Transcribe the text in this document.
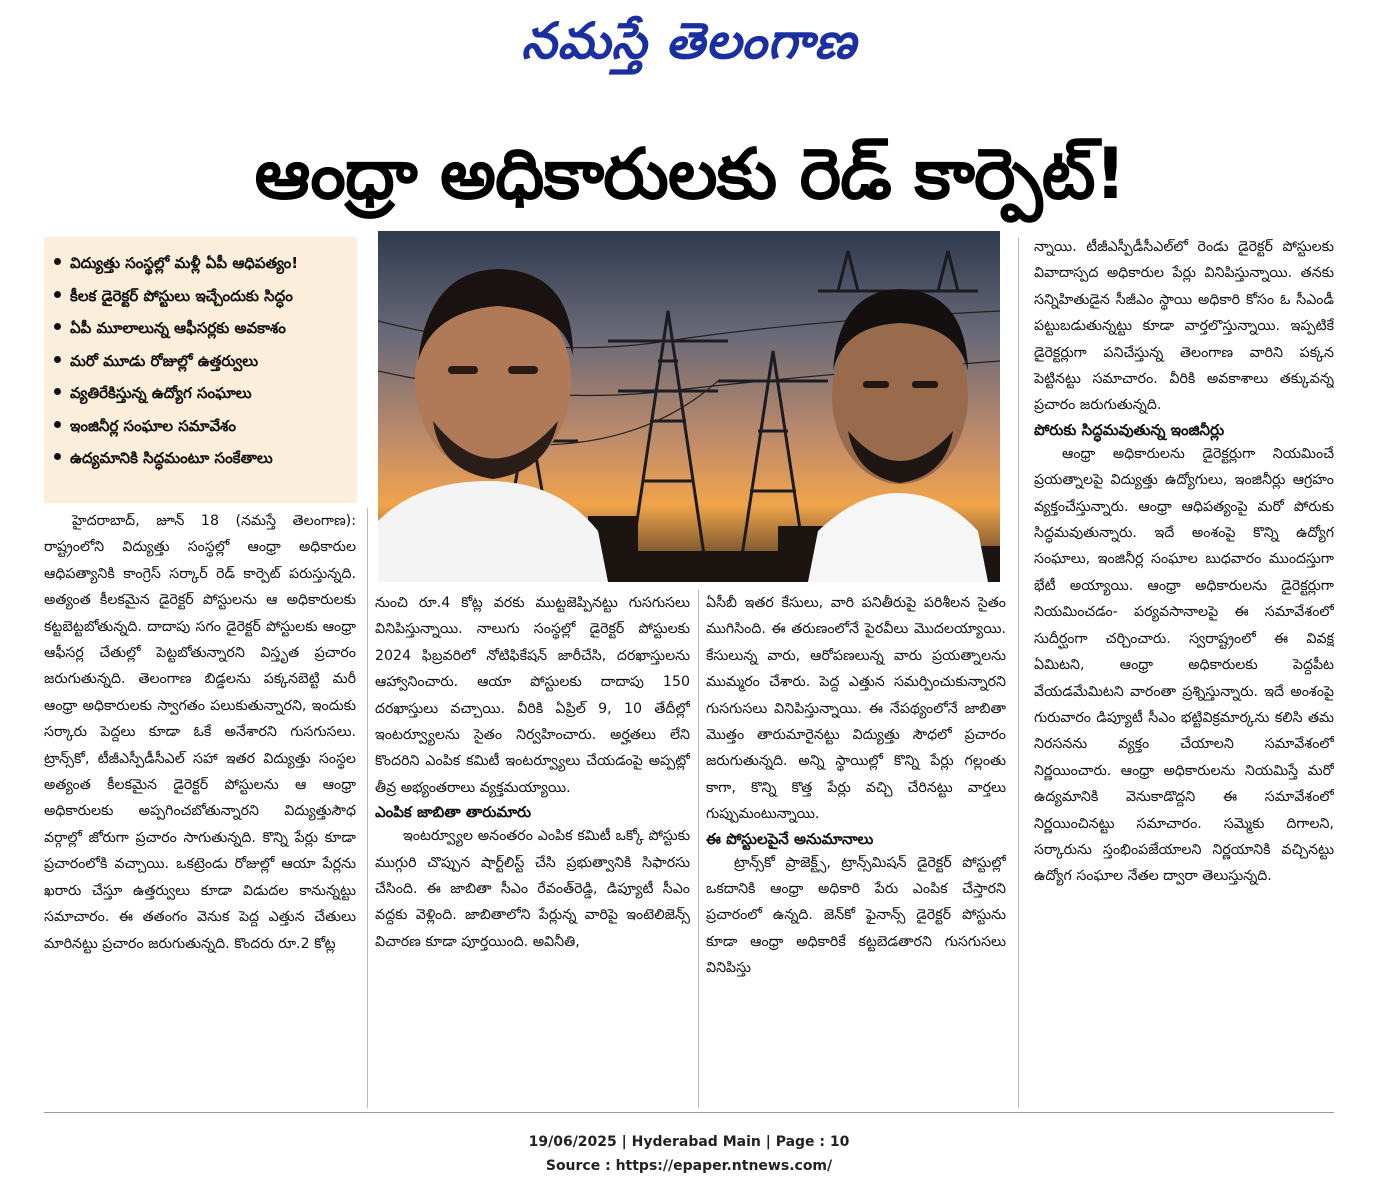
నమస్తే తెలంగాణ
ఆంధ్రా అధికారులకు రెడ్ కార్పెట్!
విద్యుత్తు సంస్థల్లో మళ్లీ ఏపీ ఆధిపత్యం!
కీలక డైరెక్టర్ పోస్టులు ఇచ్చేందుకు సిద్ధం
ఏపీ మూలాలున్న ఆఫీసర్లకు అవకాశం
మరో మూడు రోజుల్లో ఉత్తర్వులు
వ్యతిరేకిస్తున్న ఉద్యోగ సంఘాలు
ఇంజినీర్ల సంఘాల సమావేశం
ఉద్యమానికి సిద్ధమంటూ సంకేతాలు

హైదరాబాద్, జూన్ 18 (నమస్తే తెలంగాణ): రాష్ట్రంలోని విద్యుత్తు సంస్థల్లో ఆంధ్రా అధికారుల ఆధిపత్యానికి కాంగ్రెస్ సర్కార్ రెడ్ కార్పెట్ పరుస్తున్నది. అత్యంత కీలకమైన డైరెక్టర్ పోస్టులను ఆ అధికారులకు కట్టబెట్టబోతున్నది. దాదాపు సగం డైరెక్టర్ పోస్టులకు ఆంధ్రా ఆఫీసర్ల చేతుల్లో పెట్టబోతున్నారని విస్తృత ప్రచారం జరుగుతున్నది. తెలంగాణ బిడ్డలను పక్కనబెట్టి మరీ ఆంధ్రా అధికారులకు స్వాగతం పలుకుతున్నారని, ఇందుకు సర్కారు పెద్దలు కూడా ఓకే అనేశారని గుసగుసలు. ట్రాన్స్‌కో, టీజీఎస్పీడీసీఎల్ సహా ఇతర విద్యుత్తు సంస్థల అత్యంత కీలకమైన డైరెక్టర్ పోస్టులను ఆ ఆంధ్రా అధికారులకు అప్పగించబోతున్నారని విద్యుత్తుసౌధ వర్గాల్లో జోరుగా ప్రచారం సాగుతున్నది. కొన్ని పేర్లు కూడా ప్రచారంలోకి వచ్చాయి. ఒకట్రెండు రోజుల్లో ఆయా పేర్లను ఖరారు చేస్తూ ఉత్తర్వులు కూడా విడుదల కానున్నట్టు సమాచారం. ఈ తతంగం వెనుక పెద్ద ఎత్తున చేతులు మారినట్టు ప్రచారం జరుగుతున్నది. కొందరు రూ.2 కోట్ల

నుంచి రూ.4 కోట్ల వరకు ముట్టజెప్పినట్టు గుసగుసలు వినిపిస్తున్నాయి. నాలుగు సంస్థల్లో డైరెక్టర్ పోస్టులకు 2024 ఫిబ్రవరిలో నోటిఫికేషన్ జారీచేసి, దరఖాస్తులను ఆహ్వానించారు. ఆయా పోస్టులకు దాదాపు 150 దరఖాస్తులు వచ్చాయి. వీరికి ఏప్రిల్ 9, 10 తేదీల్లో ఇంటర్వ్యూలను సైతం నిర్వహించారు. అర్హతలు లేని కొందరిని ఎంపిక కమిటీ ఇంటర్వ్యూలు చేయడంపై అప్పట్లో తీవ్ర అభ్యంతరాలు వ్యక్తమయ్యాయి.

ఎంపిక జాబితా తారుమారు

ఇంటర్వ్యూల అనంతరం ఎంపిక కమిటీ ఒక్కో పోస్టుకు ముగ్గురి చొప్పున షార్ట్‌లిస్ట్ చేసి ప్రభుత్వానికి సిఫారసు చేసింది. ఈ జాబితా సీఎం రేవంత్‌రెడ్డి, డిప్యూటీ సీఎం వద్దకు వెళ్లింది. జాబితాలోని పేర్లున్న వారిపై ఇంటెలిజెన్స్ విచారణ కూడా పూర్తయింది. అవినీతి,

ఏసీబీ ఇతర కేసులు, వారి పనితీరుపై పరిశీలన సైతం ముగిసింది. ఈ తరుణంలోనే పైరవీలు మొదలయ్యాయి. కేసులున్న వారు, ఆరోపణలున్న వారు ప్రయత్నాలను ముమ్మరం చేశారు. పెద్ద ఎత్తున సమర్పించుకున్నారని గుసగుసలు వినిపిస్తున్నాయి. ఈ నేపథ్యంలోనే జాబితా మొత్తం తారుమారైనట్టు విద్యుత్తు సౌధలో ప్రచారం జరుగుతున్నది. అన్ని స్థాయిల్లో కొన్ని పేర్లు గల్లంతు కాగా, కొన్ని కొత్త పేర్లు వచ్చి చేరినట్టు వార్తలు గుప్పుమంటున్నాయి.

ఈ పోస్టులపైనే అనుమానాలు

ట్రాన్స్‌కో ప్రాజెక్ట్స్, ట్రాన్స్‌మిషన్ డైరెక్టర్ పోస్టుల్లో ఒకదానికి ఆంధ్రా అధికారి పేరు ఎంపిక చేస్తారని ప్రచారంలో ఉన్నది. జెన్‌కో ఫైనాన్స్ డైరెక్టర్ పోస్టును కూడా ఆంధ్రా అధికారికే కట్టబెడతారని గుసగుసలు వినిపిస్తు

న్నాయి. టీజీఎస్పీడీసీఎల్‌లో రెండు డైరెక్టర్ పోస్టులకు వివాదాస్పద అధికారుల పేర్లు వినిపిస్తున్నాయి. తనకు సన్నిహితుడైన సీజీఎం స్థాయి అధికారి కోసం ఓ సీఎండీ పట్టుబడుతున్నట్టు కూడా వార్తలొస్తున్నాయి. ఇప్పటికే డైరెక్టర్లుగా పనిచేస్తున్న తెలంగాణ వారిని పక్కన పెట్టినట్టు సమాచారం. వీరికి అవకాశాలు తక్కువన్న ప్రచారం జరుగుతున్నది.

పోరుకు సిద్ధమవుతున్న ఇంజినీర్లు

ఆంధ్రా అధికారులను డైరెక్టర్లుగా నియమించే ప్రయత్నాలపై విద్యుత్తు ఉద్యోగులు, ఇంజినీర్లు ఆగ్రహం వ్యక్తంచేస్తున్నారు. ఆంధ్రా ఆధిపత్యంపై మరో పోరుకు సిద్ధమవుతున్నారు. ఇదే అంశంపై కొన్ని ఉద్యోగ సంఘాలు, ఇంజినీర్ల సంఘాల బుధవారం ముందస్తుగా భేటీ అయ్యాయి. ఆంధ్రా అధికారులను డైరెక్టర్లుగా నియమించడం- పర్యవసానాలపై ఈ సమావేశంలో సుదీర్ఘంగా చర్చించారు. స్వరాష్ట్రంలో ఈ వివక్ష ఏమిటని, ఆంధ్రా అధికారులకు పెద్దపీట వేయడమేమిటని వారంతా ప్రశ్నిస్తున్నారు. ఇదే అంశంపై గురువారం డిప్యూటీ సీఎం భట్టివిక్రమార్కను కలిసి తమ నిరసనను వ్యక్తం చేయాలని సమావేశంలో నిర్ణయించారు. ఆంధ్రా అధికారులను నియమిస్తే మరో ఉద్యమానికి వెనుకాడొద్దని ఈ సమావేశంలో నిర్ణయించినట్టు సమాచారం. సమ్మెకు దిగాలని, సర్కారును స్తంభింపజేయాలని నిర్ణయానికి వచ్చినట్టు ఉద్యోగ సంఘాల నేతల ద్వారా తెలుస్తున్నది.

19/06/2025 | Hyderabad Main | Page : 10
Source : https://epaper.ntnews.com/
